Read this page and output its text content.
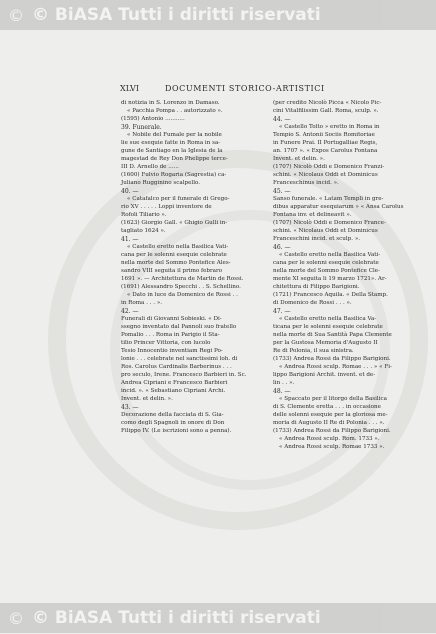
© © BiASA Tutti i diritti riservati
XLVI	DOCUMENTI STORICO-ARTISTICI

di notizia in S. Lorenzo in Damaso.

« Pacchia Pompa . . autorizzato ».

(1595) Antonio ...........

39. Funerale.

« Nobile del Fumale per la nobile

lie sue esequie fatte in Roma in sa-

gune de Santiago en la Iglesia de la

magestad de Rey Don Phelippe terce-

III D. Arnello de ......

(1600) Fulvio Rogaria (Sagrestia) ca-

Juliano Rugginino scalpello.

40. —

« Catafalco per il funerale di Grego-

rio XV . . . . . Loppi inventore de

Rofoli Tiliario ».

(1623) Giorgio Gall. « Ghigio Gulli in-

tagliato 1624 ».

41. —

« Castello eretto nella Basilica Vati-

cana per le solenni esequie celebrate

nella morte del Sommo Pontefice Ales-

sandro VIII seguita il primo febraro

1691 ». — Architettura de Martin de Rossi.

(1691) Alessandro Specchi . . S. Schellino.

« Dato in luce da Domenico de Rossi . .

in Roma . . . ».

42. —

Funerali di Giovanni Sobieski. « Di-

ssegno inventato dal Pannoli suo fratello

Pomalio . . . Roma in Parigio il Sta-

tilio Princer Vittoria, con lucolo

Tesio Innocentio inventiam Regi Po-

lonie . . . celebrate nel sanctissimi loh. di

Ros. Carolus Cardinalis Barberinus . . .

pro seculo, Irene. Francesco Barbieri in. Sc.

Andrea Cipriani e Francesco Barbieri

incid. ». « Sebastiano Cipriani Archi.

Invent. et delin. ».

43. —

Decorazione della facciata di S. Gia-

como degli Spagnoli in onore di Don

Filippo IV. (Le iscrizioni sono a penna).

(per credito Nicolò Picca « Nicolo Pic-

cini Vitalfilissim Gall. Roma, sculp. ».

44. —

« Castello Tolto » eretto in Roma in

Tempio S. Antonii Sociis Romitoriae

in Funere Prai. II Portugalliae Regis,

an. 1707 ». « Expos Carolus Fontana

Invent. et delin. ».

(1707) Nicolò Oddi e Domenico Franzi-

schini. « Nicolaus Oddi et Dominicus

Franceschinus incid. ».

45. —

Sanso funerale. « Latam Templi in gre-

dibus apparatur esequiarum » « Ansa Carolus

Fontana inv. et delineavit ».

(1707) Nicolò Oddi e Domenico France-

schini. « Nicolaus Oddi et Dominicus

Franceschini incid. et sculp. ».

46. —

« Castello eretto nella Basilica Vati-

cana per le solenni esequie celebrate

nella morte del Sommo Pontefice Cle-

mente XI seguita li 19 marzo 1721». Ar-

chitettura di Filippo Barigioni.

(1721) Francesco Aquila. « Della Stamp.

di Domenico de Rossi . . . ».

47. —

« Castello eretto nella Basilica Va-

ticana per le solenni esequie celebrate

nella morte di Sua Santità Papa Clemente

per la Gustosa Memoria d'Augusto II

Re di Polonia, il sua sinistra.

(1733) Andrea Rossi da Filippo Barigioni.

« Andrea Rossi sculp. Romae . . . » « Fi-

lippo Barigioni Archit. invent. et de-

lin . . ».

48. —

« Spaccato per il litorgo della Basilica

di S. Clemente eretta . . . in occasione

delle solenni esequie per la gloriosa me-

moria di Augusto II Re di Polonia . . . ».

(1733) Andrea Rossi da Filippo Barigioni.

« Andrea Rossi sculp. Rom. 1733 ».

« Andrea Rossi sculp. Romae 1733 ».

© © BiASA Tutti i diritti riservati
